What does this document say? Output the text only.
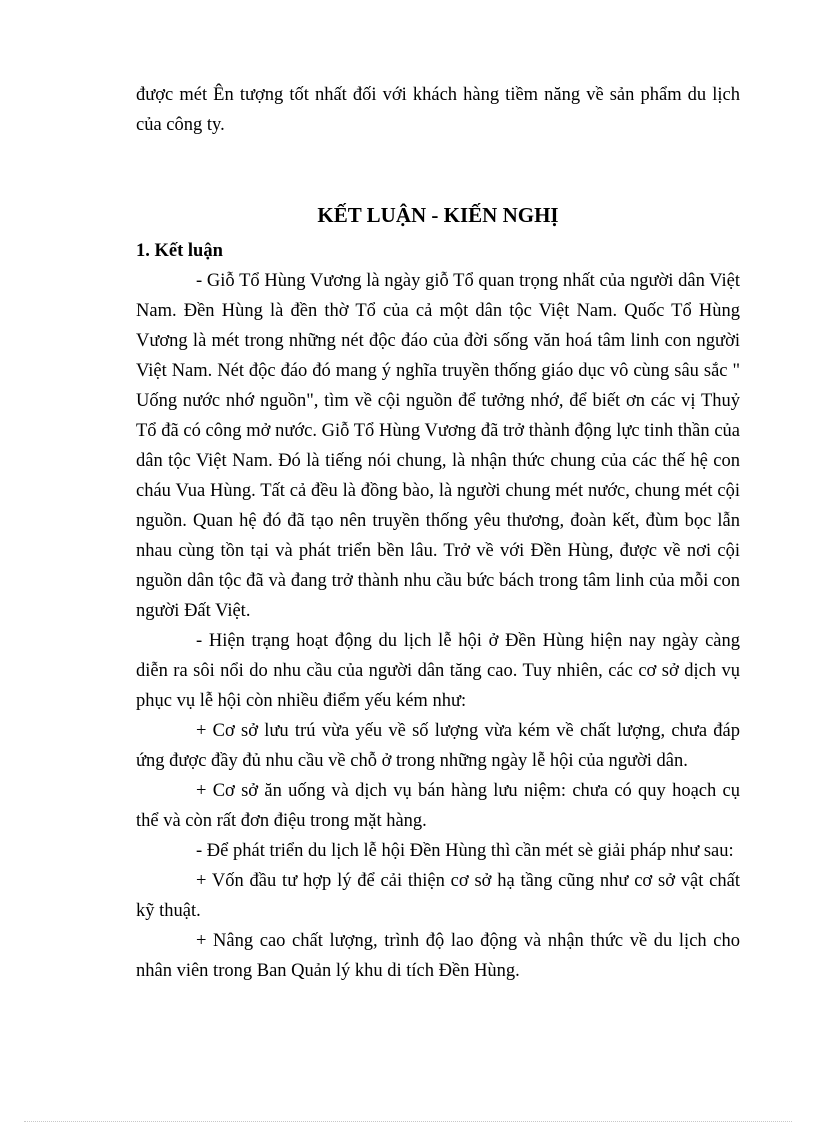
được mét Ên tượng tốt nhất đối với khách hàng tiềm năng về sản phẩm du lịch của công ty.

KẾT LUẬN - KIẾN NGHỊ
1. Kết luận

- Giỗ Tổ Hùng Vương là ngày giỗ Tổ quan trọng nhất của người dân Việt Nam. Đền Hùng là đền thờ Tổ của cả một dân tộc Việt Nam. Quốc Tổ Hùng Vương là mét trong những nét độc đáo của đời sống văn hoá tâm linh con người Việt Nam. Nét độc đáo đó mang ý nghĩa truyền thống giáo dục vô cùng sâu sắc " Uống nước nhớ nguồn", tìm về cội nguồn để tưởng nhớ, để biết ơn các vị Thuỷ Tổ đã có công mở nước. Giỗ Tổ Hùng Vương đã trở thành động lực tinh thần của dân tộc Việt Nam. Đó là tiếng nói chung, là nhận thức chung của các thế hệ con cháu Vua Hùng. Tất cả đều là đồng bào, là người chung mét nước, chung mét cội nguồn. Quan hệ đó đã tạo nên truyền thống yêu thương, đoàn kết, đùm bọc lẫn nhau cùng tồn tại và phát triển bền lâu. Trở về với Đền Hùng, được về nơi cội nguồn dân tộc đã và đang trở thành nhu cầu bức bách trong tâm linh của mỗi con người Đất Việt.

- Hiện trạng hoạt động du lịch lễ hội ở Đền Hùng hiện nay ngày càng diễn ra sôi nổi do nhu cầu của người dân tăng cao. Tuy nhiên, các cơ sở dịch vụ phục vụ lễ hội còn nhiều điểm yếu kém như:

+ Cơ sở lưu trú vừa yếu về số lượng vừa kém về chất lượng, chưa đáp ứng được đầy đủ nhu cầu về chỗ ở trong những ngày lễ hội của người dân.

+ Cơ sở ăn uống và dịch vụ bán hàng lưu niệm: chưa có quy hoạch cụ thể và còn rất đơn điệu trong mặt hàng.

- Để phát triển du lịch lễ hội Đền Hùng thì cần mét sè giải pháp như sau:

+ Vốn đầu tư hợp lý để cải thiện cơ sở hạ tầng cũng như cơ sở vật chất kỹ thuật.

+ Nâng cao chất lượng, trình độ lao động và nhận thức về du lịch cho nhân viên trong Ban Quản lý khu di tích Đền Hùng.
